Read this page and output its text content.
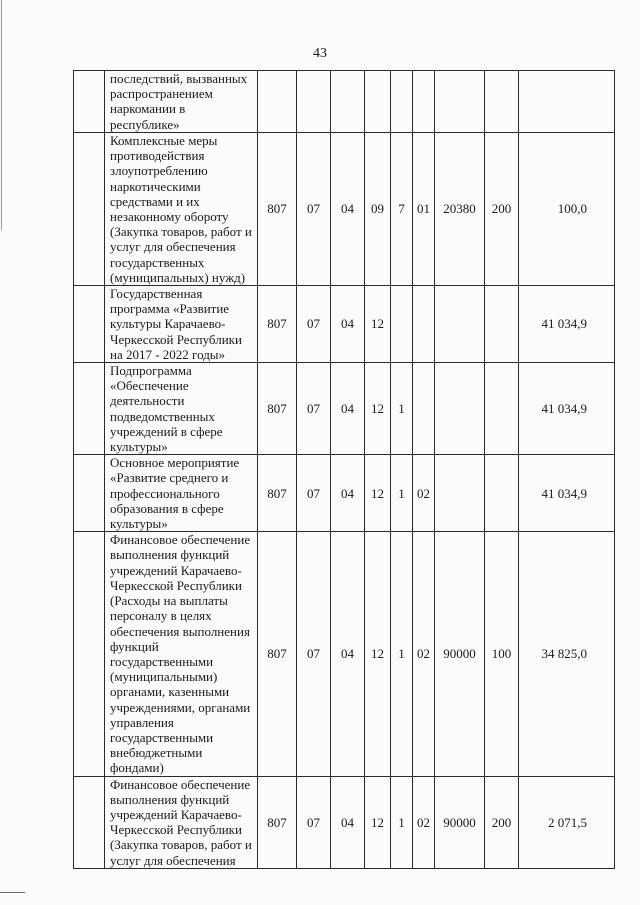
43
	последствий, вызванных распространением наркомании в республике»									
	Комплексные меры противодействия злоупотреблению наркотическими средствами и их незаконному обороту (Закупка товаров, работ и услуг для обеспечения государственных (муниципальных) нужд)	807	07	04	09	7	01	20380	200	100,0
	Государственная программа «Развитие культуры Карачаево-Черкесской Республики на 2017 - 2022 годы»	807	07	04	12					41 034,9
	Подпрограмма «Обеспечение деятельности подведомственных учреждений в сфере культуры»	807	07	04	12	1				41 034,9
	Основное мероприятие «Развитие среднего и профессионального образования в сфере культуры»	807	07	04	12	1	02			41 034,9
	Финансовое обеспечение выполнения функций учреждений Карачаево-Черкесской Республики (Расходы на выплаты персоналу в целях обеспечения выполнения функций государственными (муниципальными) органами, казенными учреждениями, органами управления государственными внебюджетными фондами)	807	07	04	12	1	02	90000	100	34 825,0
	Финансовое обеспечение выполнения функций учреждений Карачаево-Черкесской Республики (Закупка товаров, работ и услуг для обеспечения	807	07	04	12	1	02	90000	200	2 071,5
